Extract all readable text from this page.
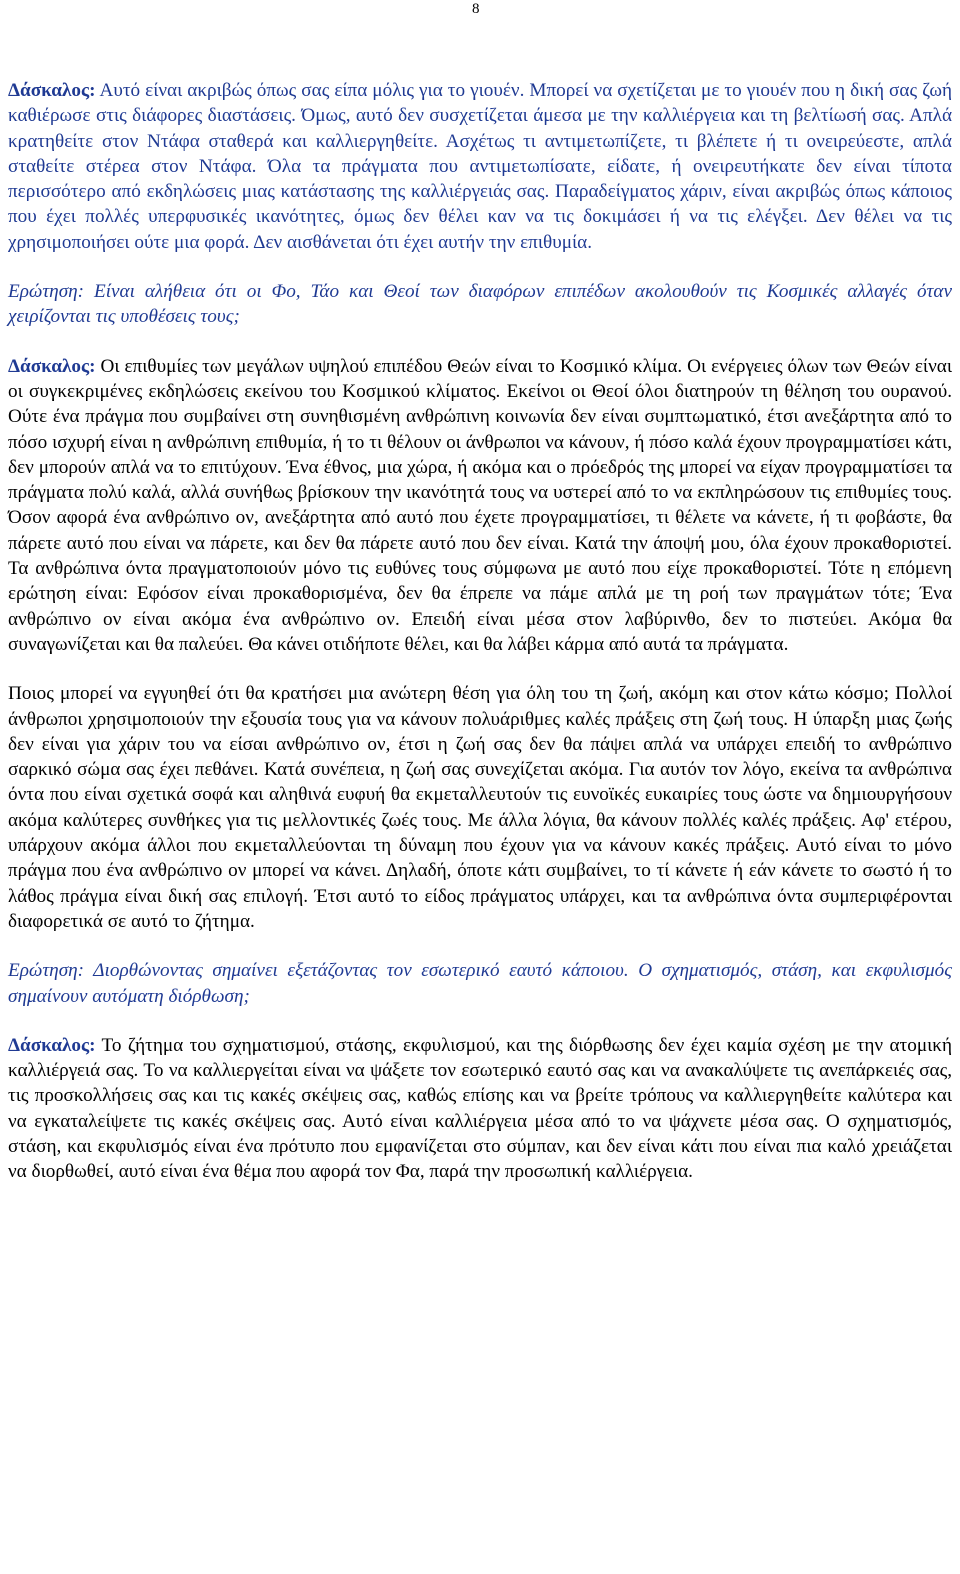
8

Δάσκαλος: Αυτό είναι ακριβώς όπως σας είπα μόλις για το γιουέν. Μπορεί να σχετίζεται με το γιουέν που η δική σας ζωή καθιέρωσε στις διάφορες διαστάσεις. Όμως, αυτό δεν συσχετίζεται άμεσα με την καλλιέργεια και τη βελτίωσή σας. Απλά κρατηθείτε στον Ντάφα σταθερά και καλλιεργηθείτε. Ασχέτως τι αντιμετωπίζετε, τι βλέπετε ή τι ονειρεύεστε, απλά σταθείτε στέρεα στον Ντάφα. Όλα τα πράγματα που αντιμετωπίσατε, είδατε, ή ονειρευτήκατε δεν είναι τίποτα περισσότερο από εκδηλώσεις μιας κατάστασης της καλλιέργειάς σας. Παραδείγματος χάριν, είναι ακριβώς όπως κάποιος που έχει πολλές υπερφυσικές ικανότητες, όμως δεν θέλει καν να τις δοκιμάσει ή να τις ελέγξει. Δεν θέλει να τις χρησιμοποιήσει ούτε μια φορά. Δεν αισθάνεται ότι έχει αυτήν την επιθυμία.

Ερώτηση: Είναι αλήθεια ότι οι Φο, Τάο και Θεοί των διαφόρων επιπέδων ακολουθούν τις Κοσμικές αλλαγές όταν χειρίζονται τις υποθέσεις τους;

Δάσκαλος: Οι επιθυμίες των μεγάλων υψηλού επιπέδου Θεών είναι το Κοσμικό κλίμα. Οι ενέργειες όλων των Θεών είναι οι συγκεκριμένες εκδηλώσεις εκείνου του Κοσμικού κλίματος. Εκείνοι οι Θεοί όλοι διατηρούν τη θέληση του ουρανού. Ούτε ένα πράγμα που συμβαίνει στη συνηθισμένη ανθρώπινη κοινωνία δεν είναι συμπτωματικό, έτσι ανεξάρτητα από το πόσο ισχυρή είναι η ανθρώπινη επιθυμία, ή το τι θέλουν οι άνθρωποι να κάνουν, ή πόσο καλά έχουν προγραμματίσει κάτι, δεν μπορούν απλά να το επιτύχουν. Ένα έθνος, μια χώρα, ή ακόμα και ο πρόεδρός της μπορεί να είχαν προγραμματίσει τα πράγματα πολύ καλά, αλλά συνήθως βρίσκουν την ικανότητά τους να υστερεί από το να εκπληρώσουν τις επιθυμίες τους. Όσον αφορά ένα ανθρώπινο ον, ανεξάρτητα από αυτό που έχετε προγραμματίσει, τι θέλετε να κάνετε, ή τι φοβάστε, θα πάρετε αυτό που είναι να πάρετε, και δεν θα πάρετε αυτό που δεν είναι. Κατά την άποψή μου, όλα έχουν προκαθοριστεί. Τα ανθρώπινα όντα πραγματοποιούν μόνο τις ευθύνες τους σύμφωνα με αυτό που είχε προκαθοριστεί. Τότε η επόμενη ερώτηση είναι: Εφόσον είναι προκαθορισμένα, δεν θα έπρεπε να πάμε απλά με τη ροή των πραγμάτων τότε; Ένα ανθρώπινο ον είναι ακόμα ένα ανθρώπινο ον. Επειδή είναι μέσα στον λαβύρινθο, δεν το πιστεύει. Ακόμα θα συναγωνίζεται και θα παλεύει. Θα κάνει οτιδήποτε θέλει, και θα λάβει κάρμα από αυτά τα πράγματα.

Ποιος μπορεί να εγγυηθεί ότι θα κρατήσει μια ανώτερη θέση για όλη του τη ζωή, ακόμη και στον κάτω κόσμο; Πολλοί άνθρωποι χρησιμοποιούν την εξουσία τους για να κάνουν πολυάριθμες καλές πράξεις στη ζωή τους. Η ύπαρξη μιας ζωής δεν είναι για χάριν του να είσαι ανθρώπινο ον, έτσι η ζωή σας δεν θα πάψει απλά να υπάρχει επειδή το ανθρώπινο σαρκικό σώμα σας έχει πεθάνει. Κατά συνέπεια, η ζωή σας συνεχίζεται ακόμα. Για αυτόν τον λόγο, εκείνα τα ανθρώπινα όντα που είναι σχετικά σοφά και αληθινά ευφυή θα εκμεταλλευτούν τις ευνοϊκές ευκαιρίες τους ώστε να δημιουργήσουν ακόμα καλύτερες συνθήκες για τις μελλοντικές ζωές τους. Με άλλα λόγια, θα κάνουν πολλές καλές πράξεις. Αφ' ετέρου, υπάρχουν ακόμα άλλοι που εκμεταλλεύονται τη δύναμη που έχουν για να κάνουν κακές πράξεις. Αυτό είναι το μόνο πράγμα που ένα ανθρώπινο ον μπορεί να κάνει. Δηλαδή, όποτε κάτι συμβαίνει, το τί κάνετε ή εάν κάνετε το σωστό ή το λάθος πράγμα είναι δική σας επιλογή. Έτσι αυτό το είδος πράγματος υπάρχει, και τα ανθρώπινα όντα συμπεριφέρονται διαφορετικά σε αυτό το ζήτημα.

Ερώτηση: Διορθώνοντας σημαίνει εξετάζοντας τον εσωτερικό εαυτό κάποιου. Ο σχηματισμός, στάση, και εκφυλισμός σημαίνουν αυτόματη διόρθωση;

Δάσκαλος: Το ζήτημα του σχηματισμού, στάσης, εκφυλισμού, και της διόρθωσης δεν έχει καμία σχέση με την ατομική καλλιέργειά σας. Το να καλλιεργείται είναι να ψάξετε τον εσωτερικό εαυτό σας και να ανακαλύψετε τις ανεπάρκειές σας, τις προσκολλήσεις σας και τις κακές σκέψεις σας, καθώς επίσης και να βρείτε τρόπους να καλλιεργηθείτε καλύτερα και να εγκαταλείψετε τις κακές σκέψεις σας. Αυτό είναι καλλιέργεια μέσα από το να ψάχνετε μέσα σας. Ο σχηματισμός, στάση, και εκφυλισμός είναι ένα πρότυπο που εμφανίζεται στο σύμπαν, και δεν είναι κάτι που είναι πια καλό χρειάζεται να διορθωθεί, αυτό είναι ένα θέμα που αφορά τον Φα, παρά την προσωπική καλλιέργεια.
